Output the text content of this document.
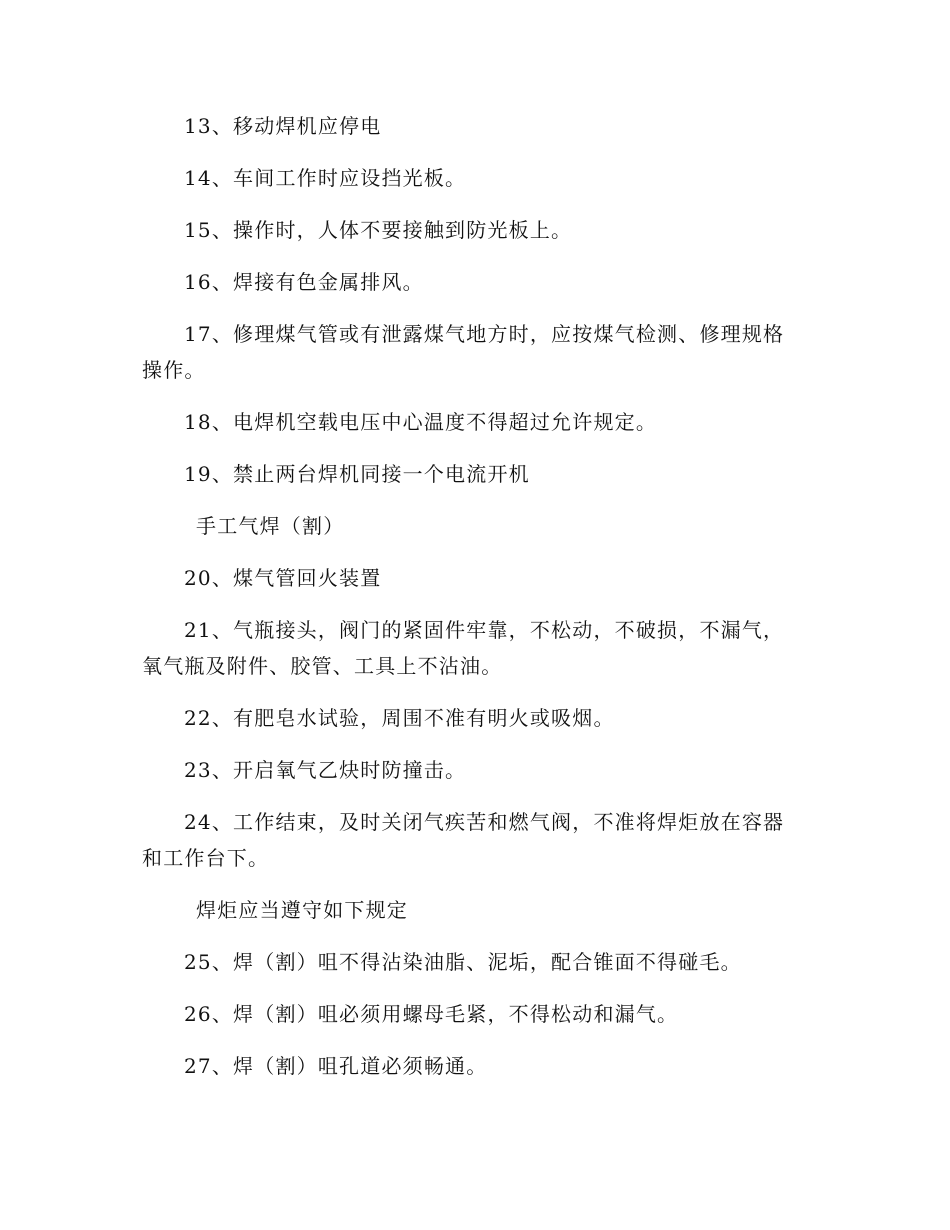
13、移动焊机应停电

14、车间工作时应设挡光板。

15、操作时，人体不要接触到防光板上。

16、焊接有色金属排风。

17、修理煤气管或有泄露煤气地方时，应按煤气检测、修理规格操作。

18、电焊机空载电压中心温度不得超过允许规定。

19、禁止两台焊机同接一个电流开机

手工气焊（割）

20、煤气管回火装置

21、气瓶接头，阀门的紧固件牢靠，不松动，不破损，不漏气，氧气瓶及附件、胶管、工具上不沾油。

22、有肥皂水试验，周围不准有明火或吸烟。

23、开启氧气乙炔时防撞击。

24、工作结束，及时关闭气疾苦和燃气阀，不准将焊炬放在容器和工作台下。

焊炬应当遵守如下规定

25、焊（割）咀不得沾染油脂、泥垢，配合锥面不得碰毛。

26、焊（割）咀必须用螺母毛紧，不得松动和漏气。

27、焊（割）咀孔道必须畅通。
